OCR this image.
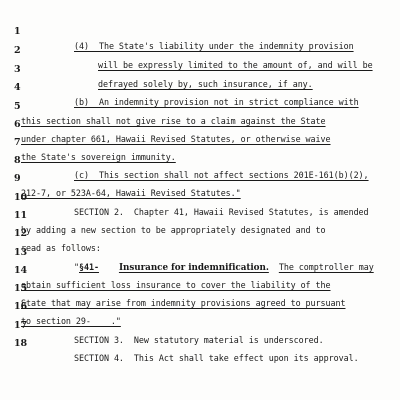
1

(4)  The State's liability under the indemnity provision

2

will be expressly limited to the amount of, and will be

3

defrayed solely by, such insurance, if any.

4

(b)  An indemnity provision not in strict compliance with

5

this section shall not give rise to a claim against the State

6

under chapter 661, Hawaii Revised Statutes, or otherwise waive

7

the State's sovereign immunity.

8

(c)  This section shall not affect sections 201E-161(b)(2),

9

212-7, or 523A-64, Hawaii Revised Statutes."

10

SECTION 2.  Chapter 41, Hawaii Revised Statutes, is amended

11

by adding a new section to be appropriately designated and to

12

read as follows:

13

"§41- Insurance for indemnification. The comptroller may

14

obtain sufficient loss insurance to cover the liability of the

15

State that may arise from indemnity provisions agreed to pursuant

16

to section 29-    ."

17

SECTION 3.  New statutory material is underscored.

18

SECTION 4.  This Act shall take effect upon its approval.
